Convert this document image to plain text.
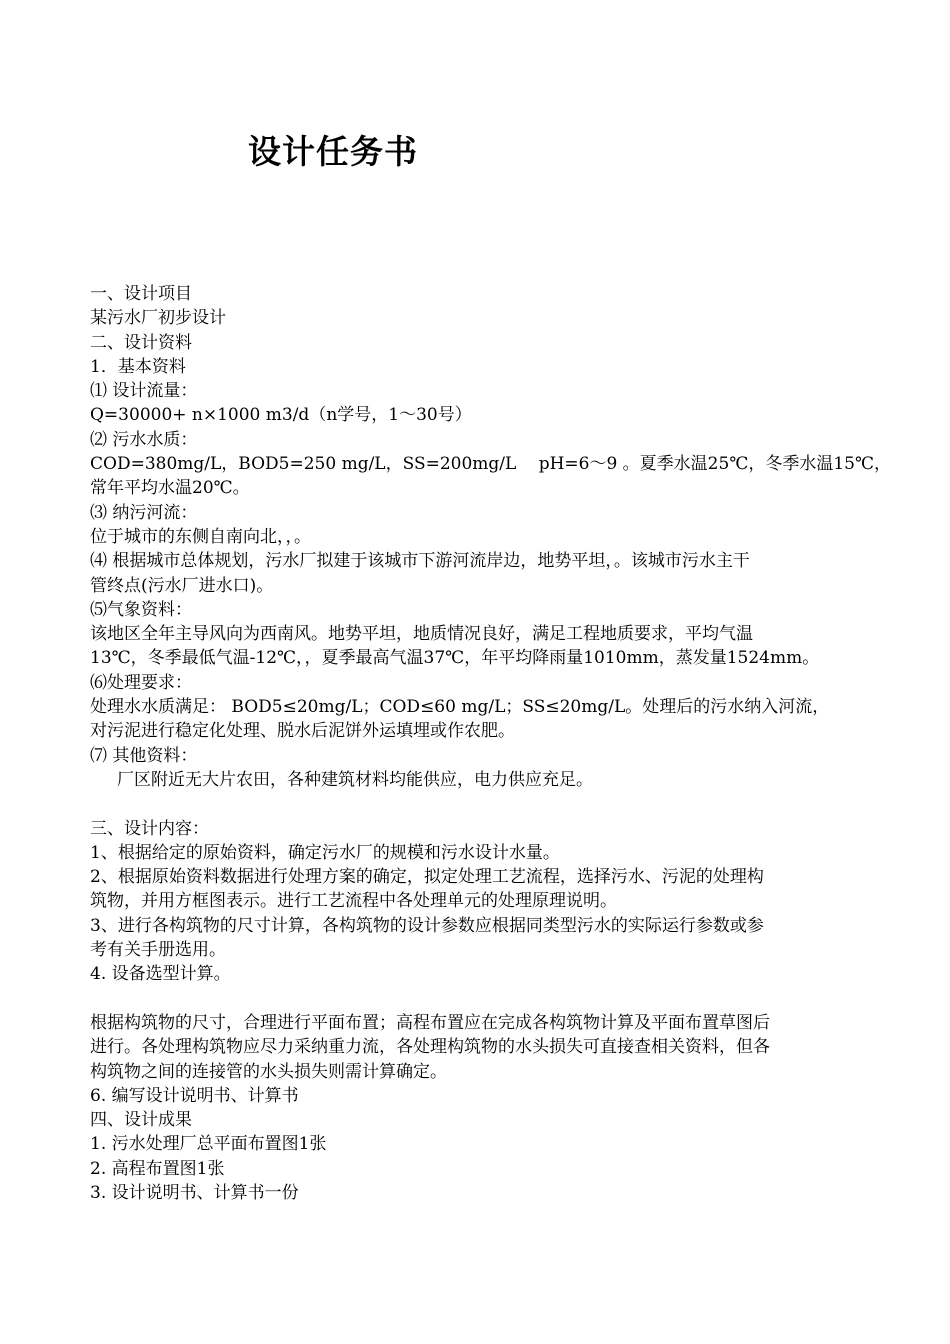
设计任务书

一、设计项目

某污水厂初步设计

二、设计资料

1．基本资料

⑴ 设计流量：

Q=30000+ n×1000 m3/d（n学号，1～30号）

⑵ 污水水质：

COD=380mg/L，BOD5=250 mg/L，SS=200mg/L　 pH=6～9 。夏季水温25℃，冬季水温15℃，

常年平均水温20℃。

⑶ 纳污河流：

位于城市的东侧自南向北，，。

⑷ 根据城市总体规划，污水厂拟建于该城市下游河流岸边，地势平坦，。该城市污水主干

管终点(污水厂进水口)。

⑸气象资料：

该地区全年主导风向为西南风。地势平坦，地质情况良好，满足工程地质要求，平均气温

13℃，冬季最低气温-12℃，，夏季最高气温37℃，年平均降雨量1010mm，蒸发量1524mm。

⑹处理要求：

处理水水质满足： BOD5≤20mg/L；COD≤60 mg/L；SS≤20mg/L。处理后的污水纳入河流，

对污泥进行稳定化处理、脱水后泥饼外运填埋或作农肥。

⑺ 其他资料：

厂区附近无大片农田，各种建筑材料均能供应，电力供应充足。

三、设计内容：

1、根据给定的原始资料，确定污水厂的规模和污水设计水量。

2、根据原始资料数据进行处理方案的确定，拟定处理工艺流程，选择污水、污泥的处理构

筑物，并用方框图表示。进行工艺流程中各处理单元的处理原理说明。

3、进行各构筑物的尺寸计算，各构筑物的设计参数应根据同类型污水的实际运行参数或参

考有关手册选用。

4. 设备选型计算。

根据构筑物的尺寸，合理进行平面布置；高程布置应在完成各构筑物计算及平面布置草图后

进行。各处理构筑物应尽力采纳重力流，各处理构筑物的水头损失可直接查相关资料，但各

构筑物之间的连接管的水头损失则需计算确定。

6. 编写设计说明书、计算书

四、设计成果

1. 污水处理厂总平面布置图1张

2. 高程布置图1张

3. 设计说明书、计算书一份
